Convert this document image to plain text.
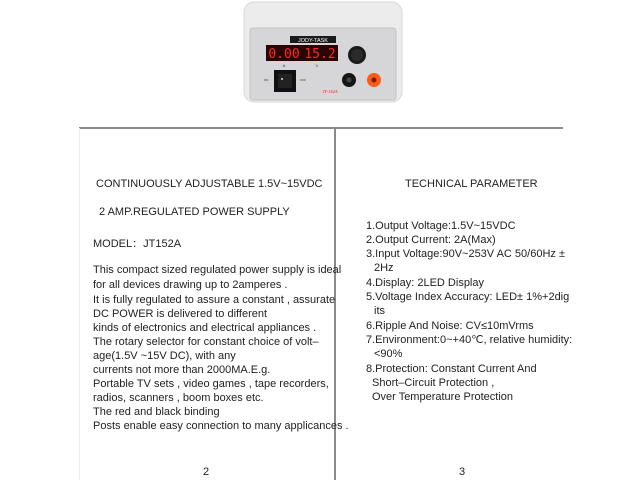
JODY-TASK
0.00 15.2
A	V
ON	OFF
JT-152A
CONTINUOUSLY ADJUSTABLE 1.5V~15VDC
2 AMP.REGULATED POWER SUPPLY
MODEL：JT152A
This compact sized regulated power supply is ideal
for all devices drawing up to 2amperes .
It is fully regulated to assure a constant , assurate
DC POWER is delivered to different
kinds of electronics and electrical appliances .
The rotary selector for constant choice of volt–
age(1.5V ~15V DC), with any
currents not more than 2000MA.E.g.
Portable TV sets , video games , tape recorders,
radios, scanners , boom boxes etc.
The red and black binding
Posts enable easy connection to many applicances .
2
TECHNICAL PARAMETER
1.Output Voltage:1.5V~15VDC
2.Output Current: 2A(Max)
3.Input Voltage:90V~253V AC 50/60Hz ±
2Hz
4.Display: 2LED Display
5.Voltage Index Accuracy: LED± 1%+2dig
its
6.Ripple And Noise: CV≤10mVrms
7.Environment:0~+40℃, relative humidity:
<90%
8.Protection: Constant Current And
Short–Circuit Protection ,
Over Temperature Protection
3
